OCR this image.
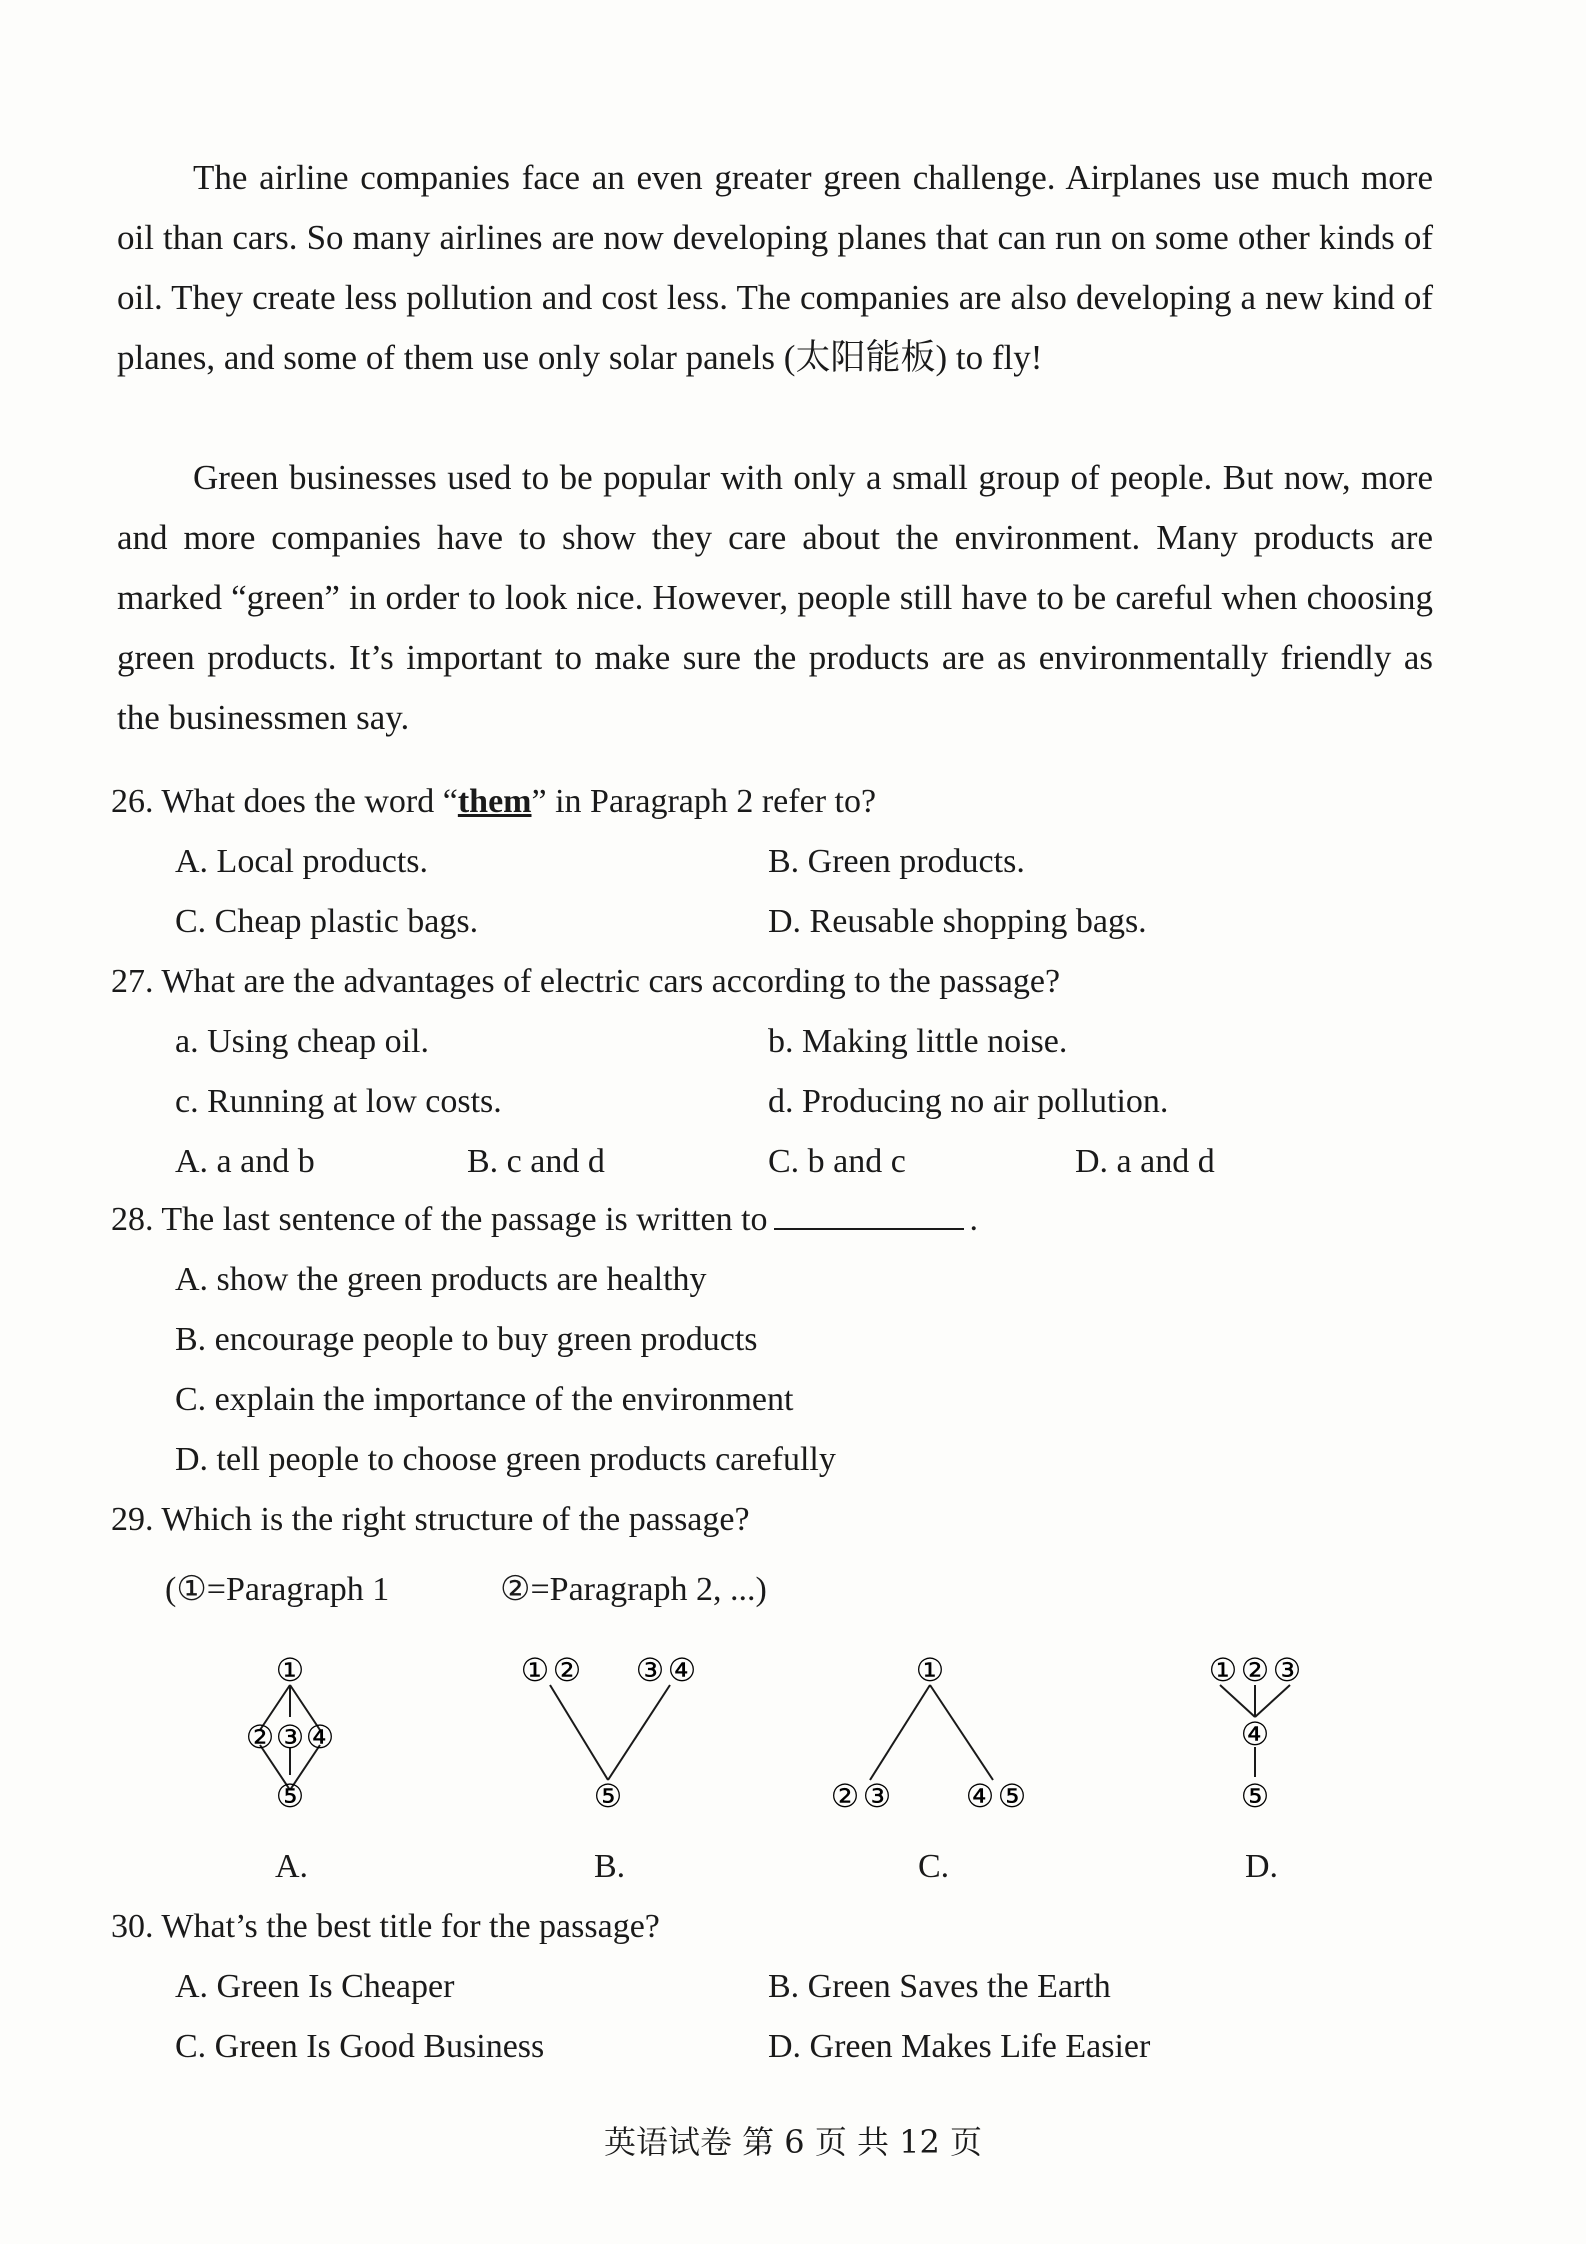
The airline companies face an even greater green challenge. Airplanes use much more oil than cars. So many airlines are now developing planes that can run on some other kinds of oil. They create less pollution and cost less. The companies are also developing a new kind of planes, and some of them use only solar panels (太阳能板) to fly!

Green businesses used to be popular with only a small group of people. But now, more and more companies have to show they care about the environment. Many products are marked “green” in order to look nice. However, people still have to be careful when choosing green products. It’s important to make sure the products are as environmentally friendly as the businessmen say.

26. What does the word “them” in Paragraph 2 refer to?
A. Local products.	B. Green products.
C. Cheap plastic bags.	D. Reusable shopping bags.
27. What are the advantages of electric cars according to the passage?
a. Using cheap oil.	b. Making little noise.
c. Running at low costs.	d. Producing no air pollution.
A. a and b	B. c and d	C. b and c	D. a and d
28. The last sentence of the passage is written to	.
A. show the green products are healthy
B. encourage people to buy green products
C. explain the importance of the environment
D. tell people to choose green products carefully
29. Which is the right structure of the passage?
(①=Paragraph 1	②=Paragraph 2, ...)
①
② ③ ④
⑤
A.
① ② ③ ④
⑤
B.
①
② ③ ④ ⑤
C.
① ② ③
④
⑤
D.
30. What’s the best title for the passage?
A. Green Is Cheaper	B. Green Saves the Earth
C. Green Is Good Business	D. Green Makes Life Easier
英语试卷 第 6 页 共 12 页
